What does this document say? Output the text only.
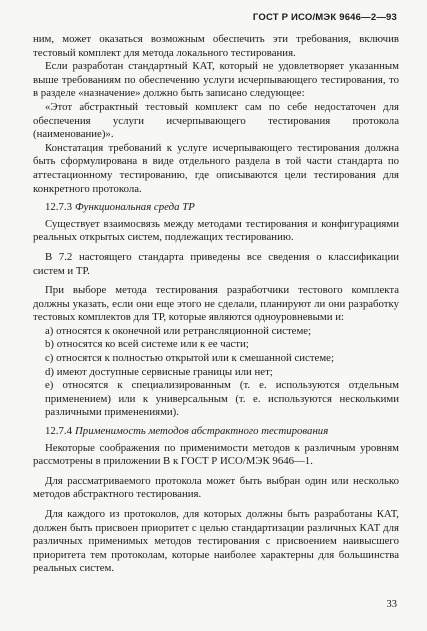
ГОСТ Р ИСО/МЭК 9646—2—93

ним, может оказаться возможным обеспечить эти требования, включив тестовый комплект для метода локального тестирования.

Если разработан стандартный КАТ, который не удовлетворяет указанным выше требованиям по обеспечению услуги исчерпывающего тестирования, то в разделе «назначение» должно быть записано следующее:

«Этот абстрактный тестовый комплект сам по себе недостаточен для обеспечения услуги исчерпывающего тестирования протокола (наименование)».

Констатация требований к услуге исчерпывающего тестирования должна быть сформулирована в виде отдельного раздела в той части стандарта по аттестационному тестированию, где описываются цели тестирования для конкретного протокола.

12.7.3 Функциональная среда ТР

Существует взаимосвязь между методами тестирования и конфигурациями реальных открытых систем, подлежащих тестированию.

В 7.2 настоящего стандарта приведены все сведения о классификации систем и ТР.

При выборе метода тестирования разработчики тестового комплекта должны указать, если они еще этого не сделали, планируют ли они разработку тестовых комплектов для ТР, которые являются одноуровневыми и:

а) относятся к оконечной или ретрансляционной системе;

b) относятся ко всей системе или к ее части;

с) относятся к полностью открытой или к смешанной системе;

d) имеют доступные сервисные границы или нет;

е) относятся к специализированным (т. е. используются отдельным применением) или к универсальным (т. е. используются несколькими различными применениями).

12.7.4 Применимость методов абстрактного тестирования

Некоторые соображения по применимости методов к различным уровням рассмотрены в приложении В к ГОСТ Р ИСО/МЭК 9646—1.

Для рассматриваемого протокола может быть выбран один или несколько методов абстрактного тестирования.

Для каждого из протоколов, для которых должны быть разработаны КАТ, должен быть присвоен приоритет с целью стандартизации различных КАТ для различных применимых методов тестирования с присвоением наивысшего приоритета тем протоколам, которые наиболее характерны для большинства реальных систем.

33
